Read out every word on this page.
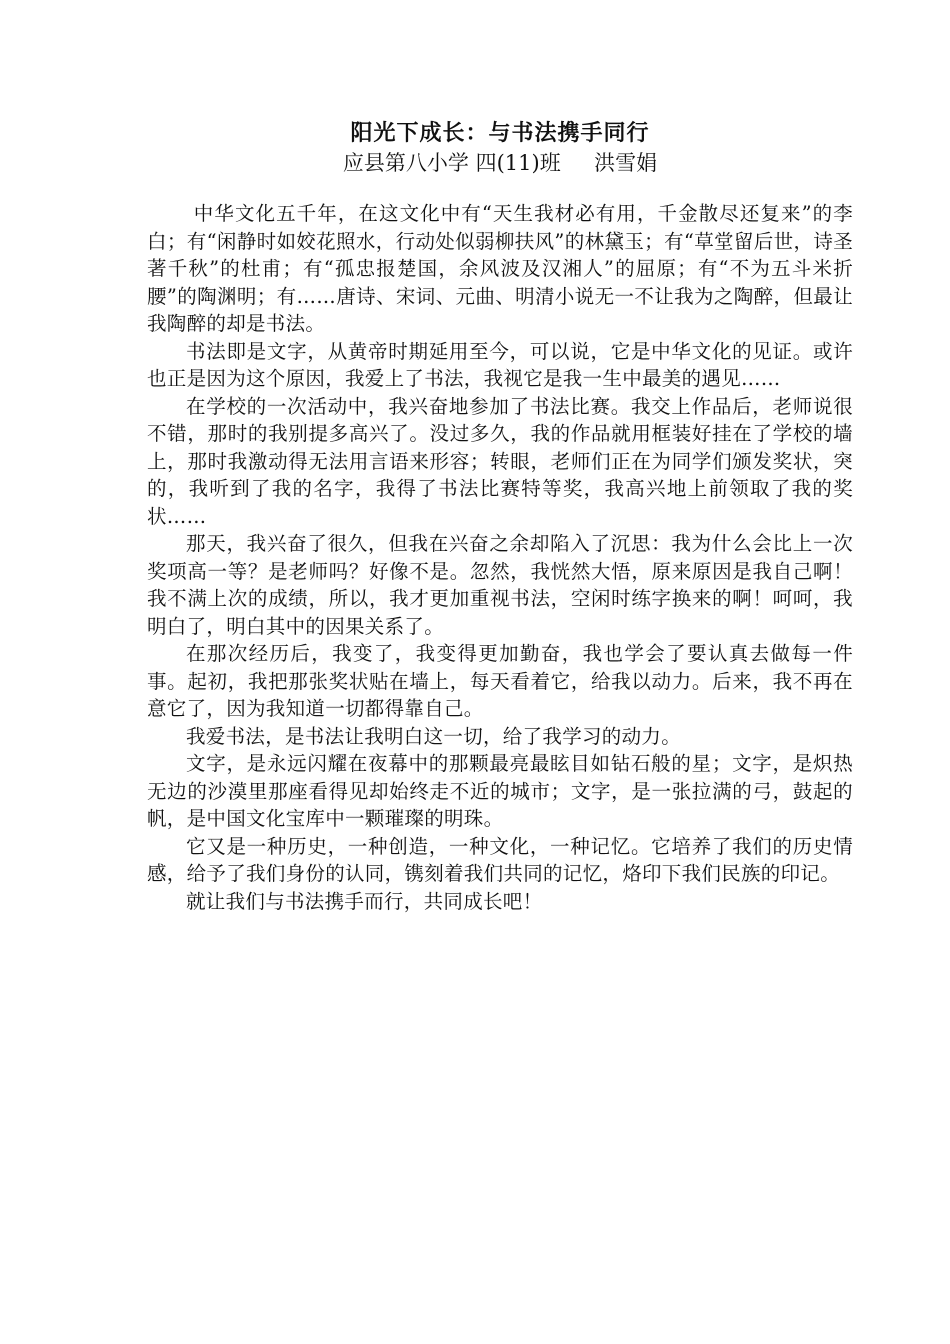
阳光下成长：与书法携手同行
应县第八小学 四(11)班 洪雪娟

中华文化五千年，在这文化中有“天生我材必有用，千金散尽还复来”的李白；有“闲静时如姣花照水，行动处似弱柳扶风”的林黛玉；有“草堂留后世，诗圣著千秋”的杜甫；有“孤忠报楚国，余风波及汉湘人”的屈原；有“不为五斗米折腰”的陶渊明；有……唐诗、宋词、元曲、明清小说无一不让我为之陶醉，但最让我陶醉的却是书法。

书法即是文字，从黄帝时期延用至今，可以说，它是中华文化的见证。或许也正是因为这个原因，我爱上了书法，我视它是我一生中最美的遇见……

在学校的一次活动中，我兴奋地参加了书法比赛。我交上作品后，老师说很不错，那时的我别提多高兴了。没过多久，我的作品就用框装好挂在了学校的墙上，那时我激动得无法用言语来形容；转眼，老师们正在为同学们颁发奖状，突的，我听到了我的名字，我得了书法比赛特等奖，我高兴地上前领取了我的奖状……

那天，我兴奋了很久，但我在兴奋之余却陷入了沉思：我为什么会比上一次奖项高一等？是老师吗？好像不是。忽然，我恍然大悟，原来原因是我自己啊！我不满上次的成绩，所以，我才更加重视书法，空闲时练字换来的啊！呵呵，我明白了，明白其中的因果关系了。

在那次经历后，我变了，我变得更加勤奋，我也学会了要认真去做每一件事。起初，我把那张奖状贴在墙上，每天看着它，给我以动力。后来，我不再在意它了，因为我知道一切都得靠自己。

我爱书法，是书法让我明白这一切，给了我学习的动力。

文字，是永远闪耀在夜幕中的那颗最亮最眩目如钻石般的星；文字，是炽热无边的沙漠里那座看得见却始终走不近的城市；文字，是一张拉满的弓，鼓起的帆，是中国文化宝库中一颗璀璨的明珠。

它又是一种历史，一种创造，一种文化，一种记忆。它培养了我们的历史情感，给予了我们身份的认同，镌刻着我们共同的记忆，烙印下我们民族的印记。

就让我们与书法携手而行，共同成长吧！
